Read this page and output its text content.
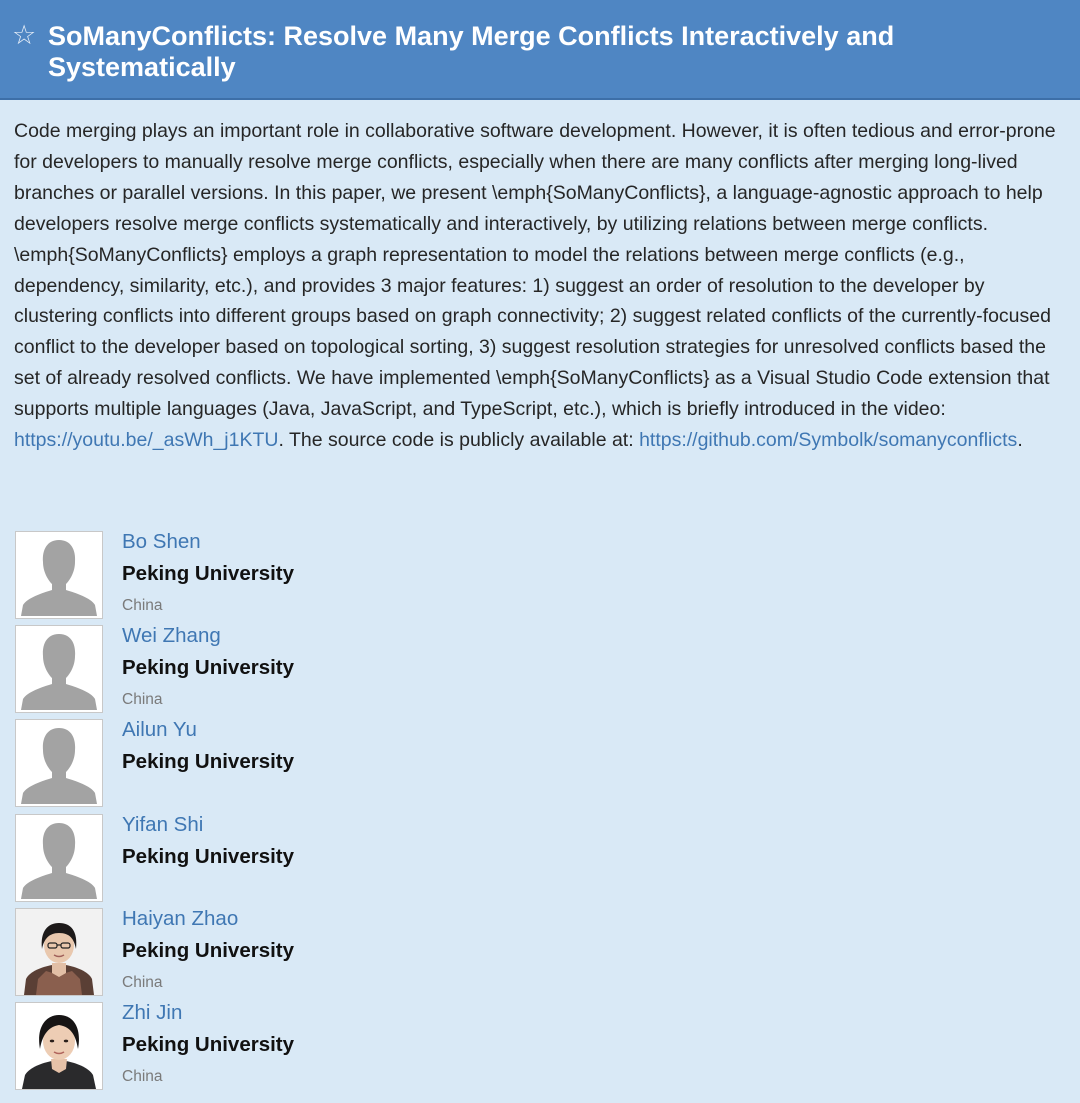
☆ SoManyConflicts: Resolve Many Merge Conflicts Interactively and Systematically

Code merging plays an important role in collaborative software development. However, it is often tedious and error-prone for developers to manually resolve merge conflicts, especially when there are many conflicts after merging long-lived branches or parallel versions. In this paper, we present \emph{SoManyConflicts}, a language-agnostic approach to help developers resolve merge conflicts systematically and interactively, by utilizing relations between merge conflicts. \emph{SoManyConflicts} employs a graph representation to model the relations between merge conflicts (e.g., dependency, similarity, etc.), and provides 3 major features: 1) suggest an order of resolution to the developer by clustering conflicts into different groups based on graph connectivity; 2) suggest related conflicts of the currently-focused conflict to the developer based on topological sorting, 3) suggest resolution strategies for unresolved conflicts based the set of already resolved conflicts. We have implemented \emph{SoManyConflicts} as a Visual Studio Code extension that supports multiple languages (Java, JavaScript, and TypeScript, etc.), which is briefly introduced in the video: https://youtu.be/_asWh_j1KTU. The source code is publicly available at: https://github.com/Symbolk/somanyconflicts.

Bo Shen
Peking University
China
Wei Zhang
Peking University
China
Ailun Yu
Peking University
Yifan Shi
Peking University
Haiyan Zhao
Peking University
China
Zhi Jin
Peking University
China
